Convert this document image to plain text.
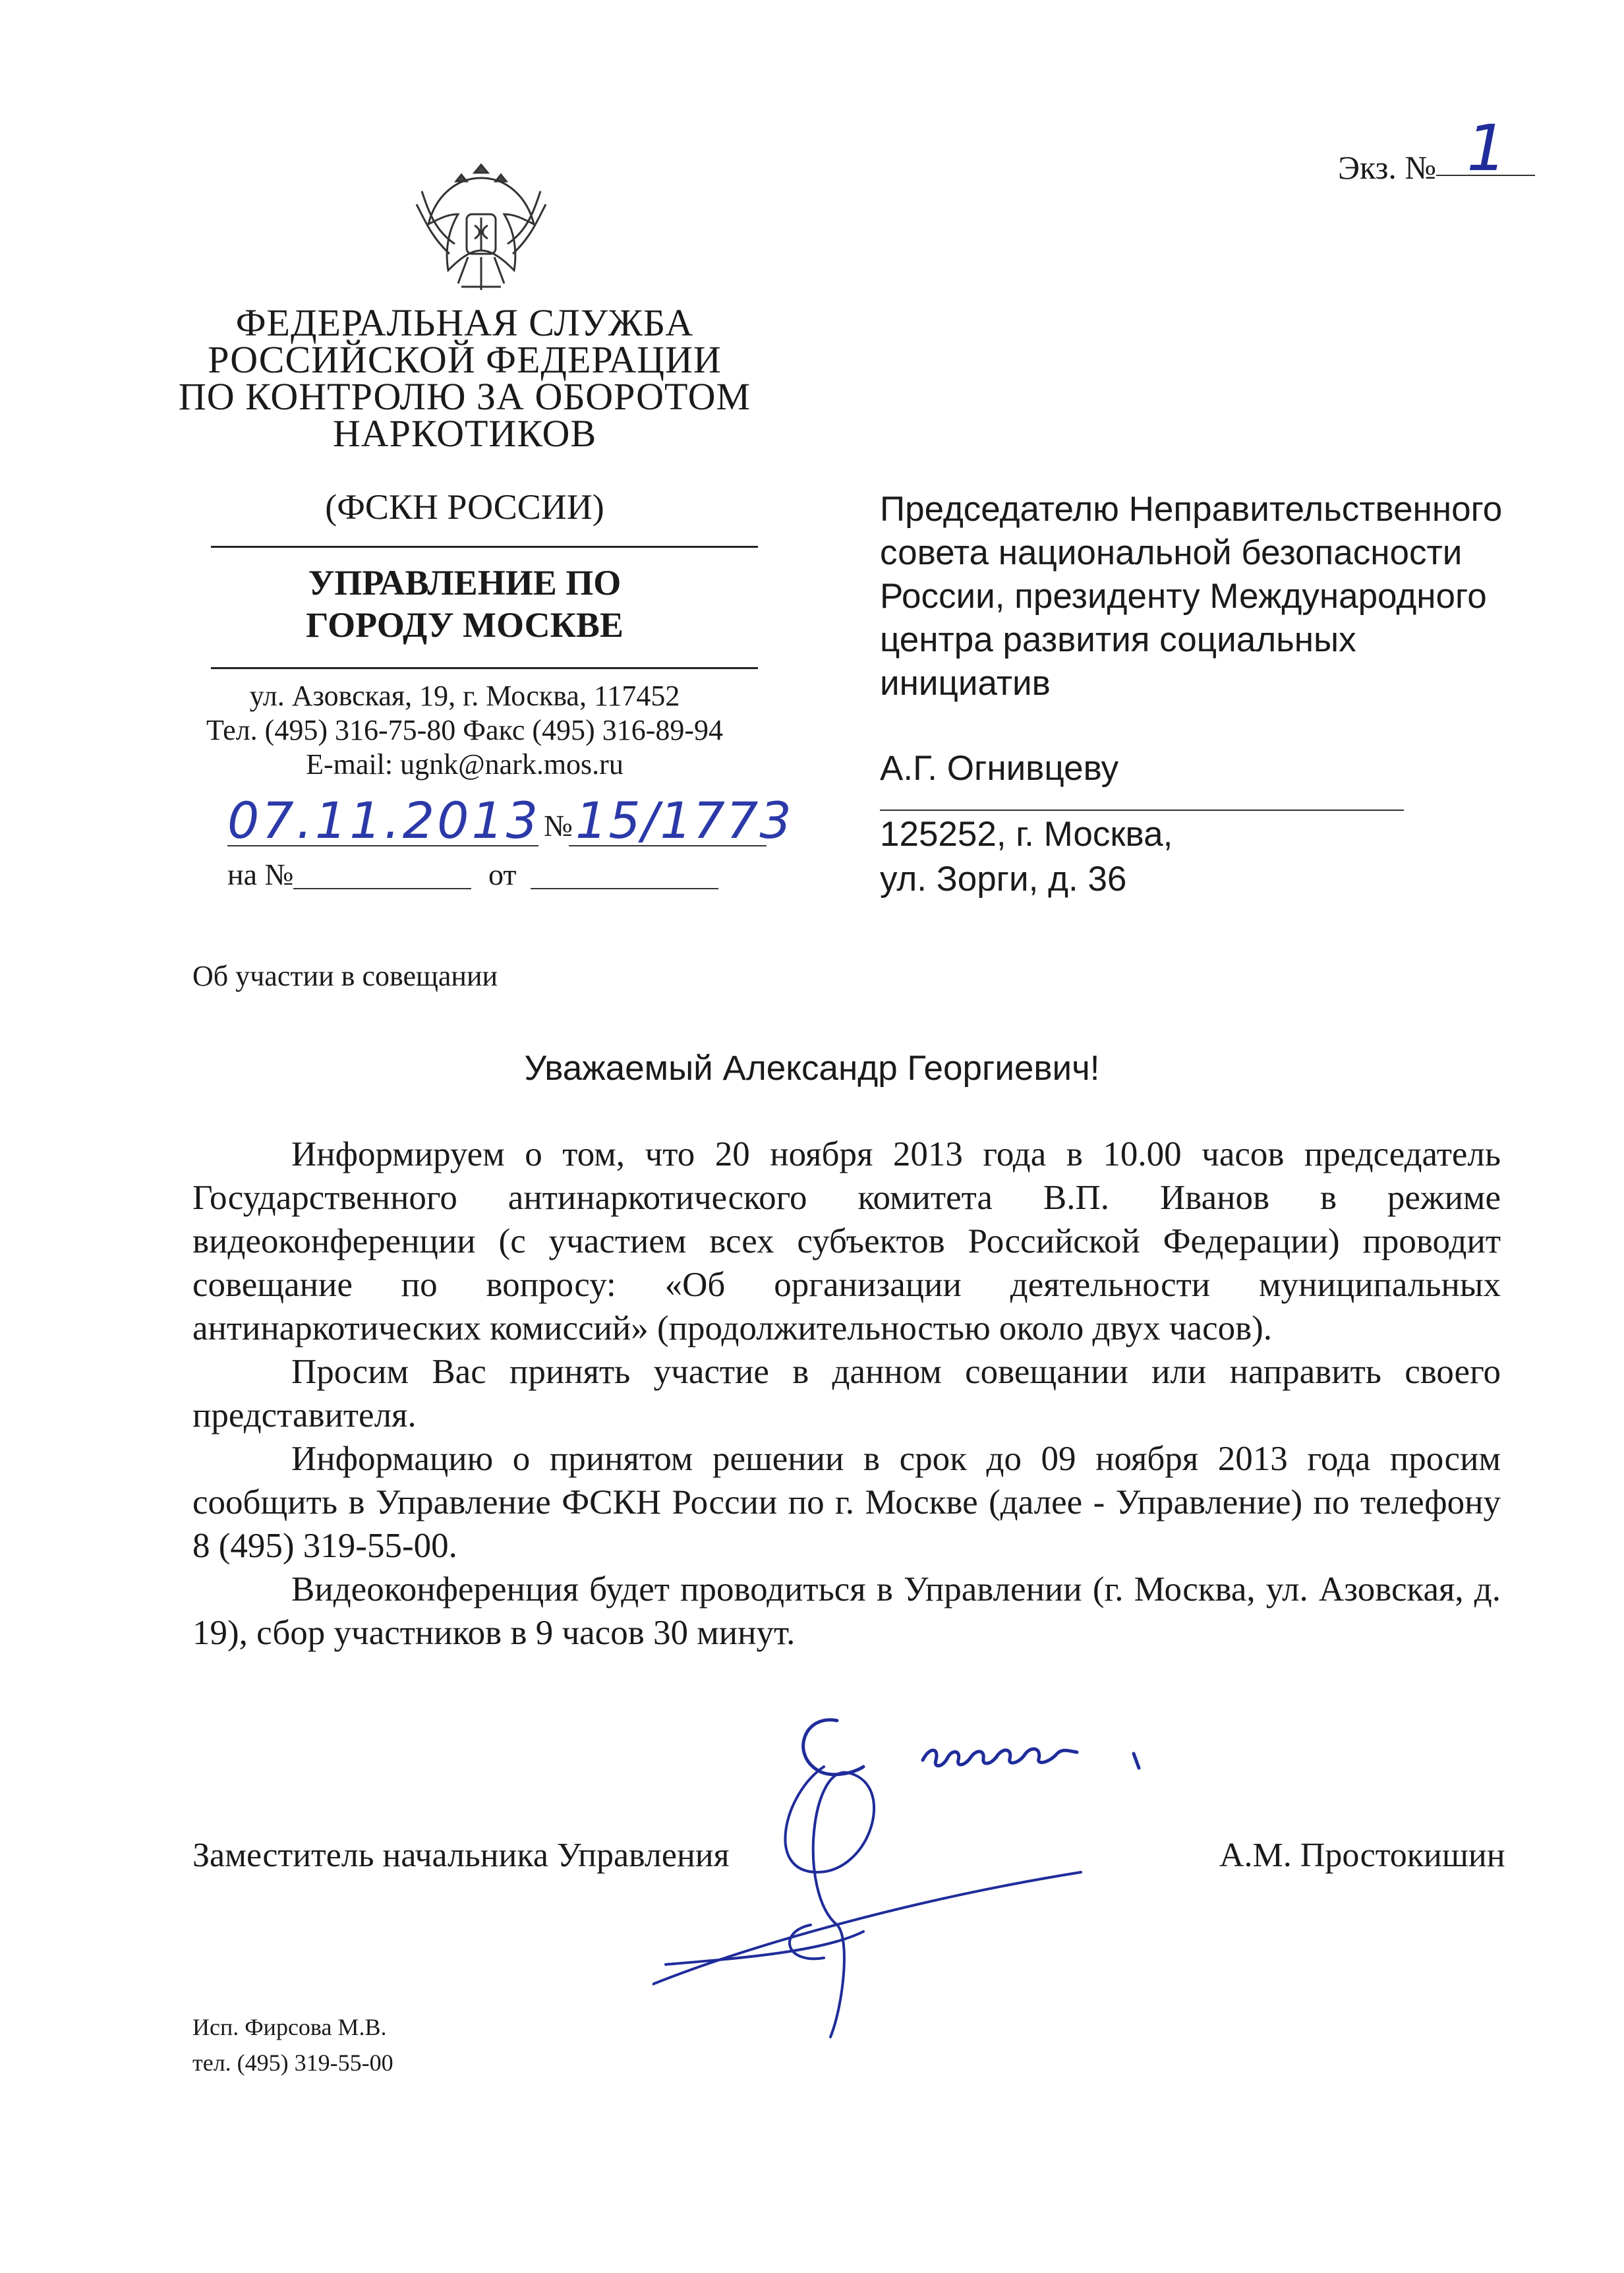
Экз. № 1
ФЕДЕРАЛЬНАЯ СЛУЖБА
РОССИЙСКОЙ ФЕДЕРАЦИИ
ПО КОНТРОЛЮ ЗА ОБОРОТОМ
НАРКОТИКОВ
(ФСКН РОССИИ)
УПРАВЛЕНИЕ ПО
ГОРОДУ МОСКВЕ
ул. Азовская, 19, г. Москва, 117452
Тел. (495) 316-75-80 Факс (495) 316-89-94
E-mail: ugnk@nark.mos.ru
07.11.2013 № 15/1773
на №	от
Председателю Неправительственного
совета национальной безопасности
России, президенту Международного
центра развития социальных
инициатив
А.Г. Огнивцеву
125252, г. Москва,
ул. Зорги, д. 36
Об участии в совещании
Уважаемый Александр Георгиевич!

Информируем о том, что 20 ноября 2013 года в 10.00 часов председатель Государственного антинаркотического комитета В.П. Иванов в режиме видеоконференции (с участием всех субъектов Российской Федерации) проводит совещание по вопросу: «Об организации деятельности муниципальных антинаркотических комиссий» (продолжительностью около двух часов).

Просим Вас принять участие в данном совещании или направить своего представителя.

Информацию о принятом решении в срок до 09 ноября 2013 года просим сообщить в Управление ФСКН России по г. Москве (далее - Управление) по телефону 8 (495) 319-55-00.

Видеоконференция будет проводиться в Управлении (г. Москва, ул. Азовская, д. 19), сбор участников в 9 часов 30 минут.

Заместитель начальника Управления	А.М. Простокишин
Исп. Фирсова М.В.
тел. (495) 319-55-00
